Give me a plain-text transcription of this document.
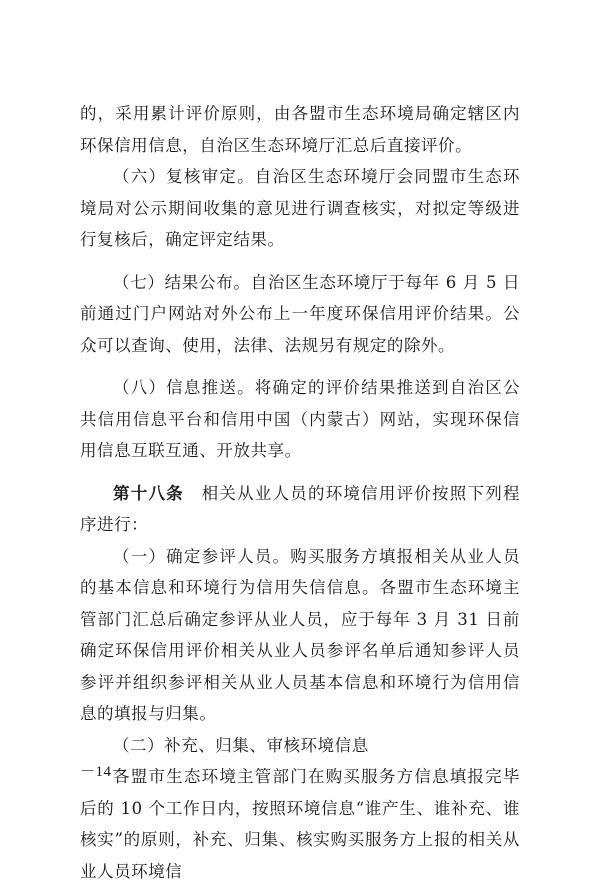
的，采用累计评价原则，由各盟市生态环境局确定辖区内环保信用信息，自治区生态环境厅汇总后直接评价。

（六）复核审定。自治区生态环境厅会同盟市生态环境局对公示期间收集的意见进行调查核实，对拟定等级进行复核后，确定评定结果。

（七）结果公布。自治区生态环境厅于每年 6 月 5 日前通过门户网站对外公布上一年度环保信用评价结果。公众可以查询、使用，法律、法规另有规定的除外。

（八）信息推送。将确定的评价结果推送到自治区公共信用信息平台和信用中国（内蒙古）网站，实现环保信用信息互联互通、开放共享。

第十八条　相关从业人员的环境信用评价按照下列程序进行：

（一）确定参评人员。购买服务方填报相关从业人员的基本信息和环境行为信用失信信息。各盟市生态环境主管部门汇总后确定参评从业人员，应于每年 3 月 31 日前确定环保信用评价相关从业人员参评名单后通知参评人员参评并组织参评相关从业人员基本信息和环境行为信用信息的填报与归集。

（二）补充、归集、审核环境信息

各盟市生态环境主管部门在购买服务方信息填报完毕后的 10 个工作日内，按照环境信息“谁产生、谁补充、谁核实”的原则，补充、归集、核实购买服务方上报的相关从业人员环境信

－14－
